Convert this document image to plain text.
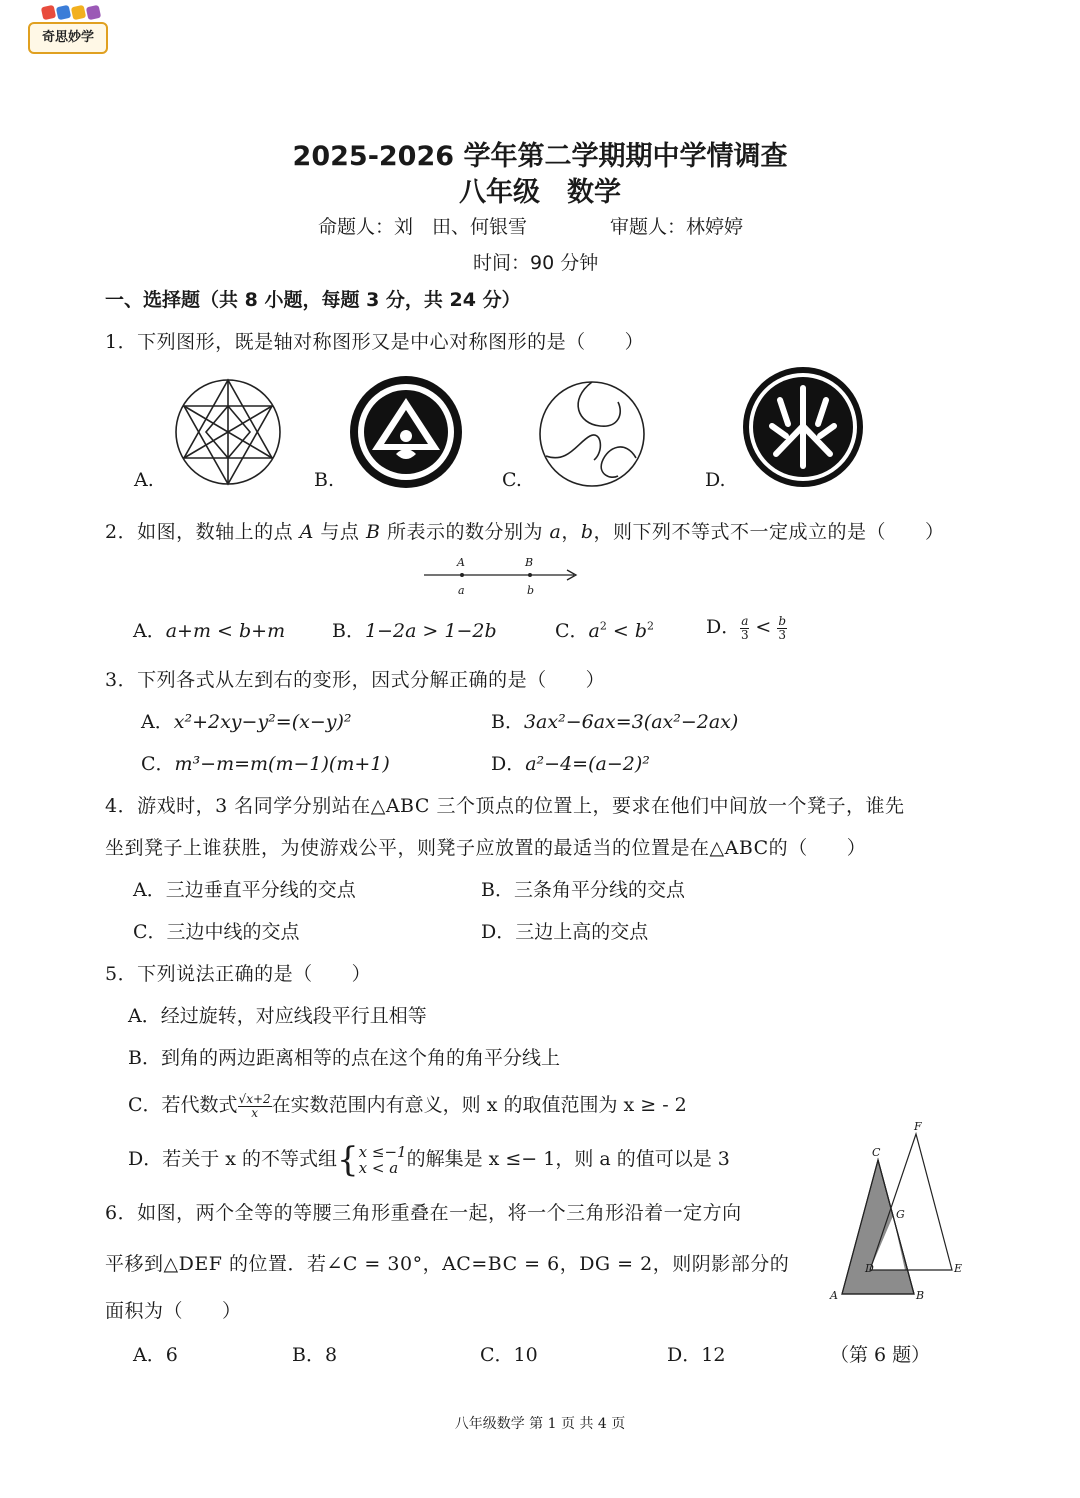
奇思妙学
2025-2026 学年第二学期期中学情调查
八年级　数学
命题人：刘　田、何银雪	审题人：林婷婷
时间：90 分钟
一、选择题（共 8 小题，每题 3 分，共 24 分）
1．下列图形，既是轴对称图形又是中心对称图形的是（　　）
A.	B.	C.	D.
2．如图，数轴上的点 A 与点 B 所表示的数分别为 a，b，则下列不等式不一定成立的是（　　）
A	B
a	b
A．a+m < b+m B．1−2a > 1−2b	C．$a^2 < b^2$	D． $\frac{a}{3} < \frac{b}{3}$
3．下列各式从左到右的变形，因式分解正确的是（　　）
A．x²+2xy−y²=(x−y)²	B．3ax²−6ax=3(ax²−2ax)
C．m³−m=m(m−1)(m+1)	D．a²−4=(a−2)²
4．游戏时，3 名同学分别站在△ABC 三个顶点的位置上，要求在他们中间放一个凳子，谁先
坐到凳子上谁获胜，为使游戏公平，则凳子应放置的最适当的位置是在△ABC的（　　）
A．三边垂直平分线的交点	B．三条角平分线的交点
C．三边中线的交点	D．三边上高的交点
5．下列说法正确的是（　　）
A．经过旋转，对应线段平行且相等
B．到角的两边距离相等的点在这个角的角平分线上
C．若代数式 $\frac{√x+2}{x}$在实数范围内有意义，则 x 的取值范围为 x ≥ - 2
D．若关于 x 的不等式组{x ≤−1
x < a 的解集是 x ≤− 1，则 a 的值可以是 3
6．如图，两个全等的等腰三角形重叠在一起，将一个三角形沿着一定方向
平移到△DEF 的位置．若∠C = 30°，AC=BC = 6，DG = 2，则阴影部分的
面积为（　　）
A．6	B．8	C．10	D．12
C
F
G
D	E
A	B
（第 6 题）
八年级数学 第 1 页 共 4 页
